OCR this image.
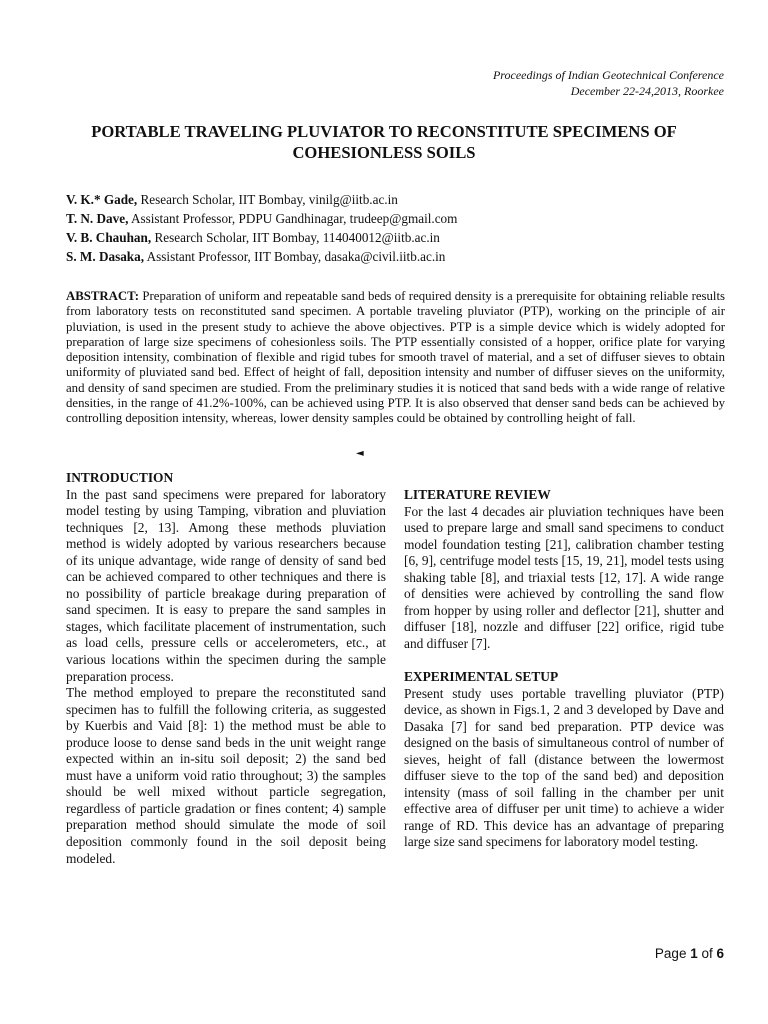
Proceedings of Indian Geotechnical Conference
December 22-24,2013, Roorkee
PORTABLE TRAVELING PLUVIATOR TO RECONSTITUTE SPECIMENS OF
COHESIONLESS SOILS
V. K.* Gade, Research Scholar, IIT Bombay, vinilg@iitb.ac.in
T. N. Dave, Assistant Professor, PDPU Gandhinagar, trudeep@gmail.com
V. B. Chauhan, Research Scholar, IIT Bombay, 114040012@iitb.ac.in
S. M. Dasaka, Assistant Professor, IIT Bombay, dasaka@civil.iitb.ac.in
ABSTRACT: Preparation of uniform and repeatable sand beds of required density is a prerequisite for obtaining reliable results from laboratory tests on reconstituted sand specimen. A portable traveling pluviator (PTP), working on the principle of air pluviation, is used in the present study to achieve the above objectives. PTP is a simple device which is widely adopted for preparation of large size specimens of cohesionless soils. The PTP essentially consisted of a hopper, orifice plate for varying deposition intensity, combination of flexible and rigid tubes for smooth travel of material, and a set of diffuser sieves to obtain uniformity of pluviated sand bed. Effect of height of fall, deposition intensity and number of diffuser sieves on the uniformity, and density of sand specimen are studied. From the preliminary studies it is noticed that sand beds with a wide range of relative densities, in the range of 41.2%-100%, can be achieved using PTP. It is also observed that denser sand beds can be achieved by controlling deposition intensity, whereas, lower density samples could be obtained by controlling height of fall.
◄
INTRODUCTION

In the past sand specimens were prepared for laboratory model testing by using Tamping, vibration and pluviation techniques [2, 13]. Among these methods pluviation method is widely adopted by various researchers because of its unique advantage, wide range of density of sand bed can be achieved compared to other techniques and there is no possibility of particle breakage during preparation of sand specimen. It is easy to prepare the sand samples in stages, which facilitate placement of instrumentation, such as load cells, pressure cells or accelerometers, etc., at various locations within the specimen during the sample preparation process.

The method employed to prepare the reconstituted sand specimen has to fulfill the following criteria, as suggested by Kuerbis and Vaid [8]: 1) the method must be able to produce loose to dense sand beds in the unit weight range expected within an in-situ soil deposit; 2) the sand bed must have a uniform void ratio throughout; 3) the samples should be well mixed without particle segregation, regardless of particle gradation or fines content; 4) sample preparation method should simulate the mode of soil deposition commonly found in the soil deposit being modeled.

LITERATURE REVIEW

For the last 4 decades air pluviation techniques have been used to prepare large and small sand specimens to conduct model foundation testing [21], calibration chamber testing [6, 9], centrifuge model tests [15, 19, 21], model tests using shaking table [8], and triaxial tests [12, 17]. A wide range of densities were achieved by controlling the sand flow from hopper by using roller and deflector [21], shutter and diffuser [18], nozzle and diffuser [22] orifice, rigid tube and diffuser [7].

EXPERIMENTAL SETUP

Present study uses portable travelling pluviator (PTP) device, as shown in Figs.1, 2 and 3 developed by Dave and Dasaka [7] for sand bed preparation. PTP device was designed on the basis of simultaneous control of number of sieves, height of fall (distance between the lowermost diffuser sieve to the top of the sand bed) and deposition intensity (mass of soil falling in the chamber per unit effective area of diffuser per unit time) to achieve a wider range of RD. This device has an advantage of preparing large size sand specimens for laboratory model testing.

Page 1 of 6
